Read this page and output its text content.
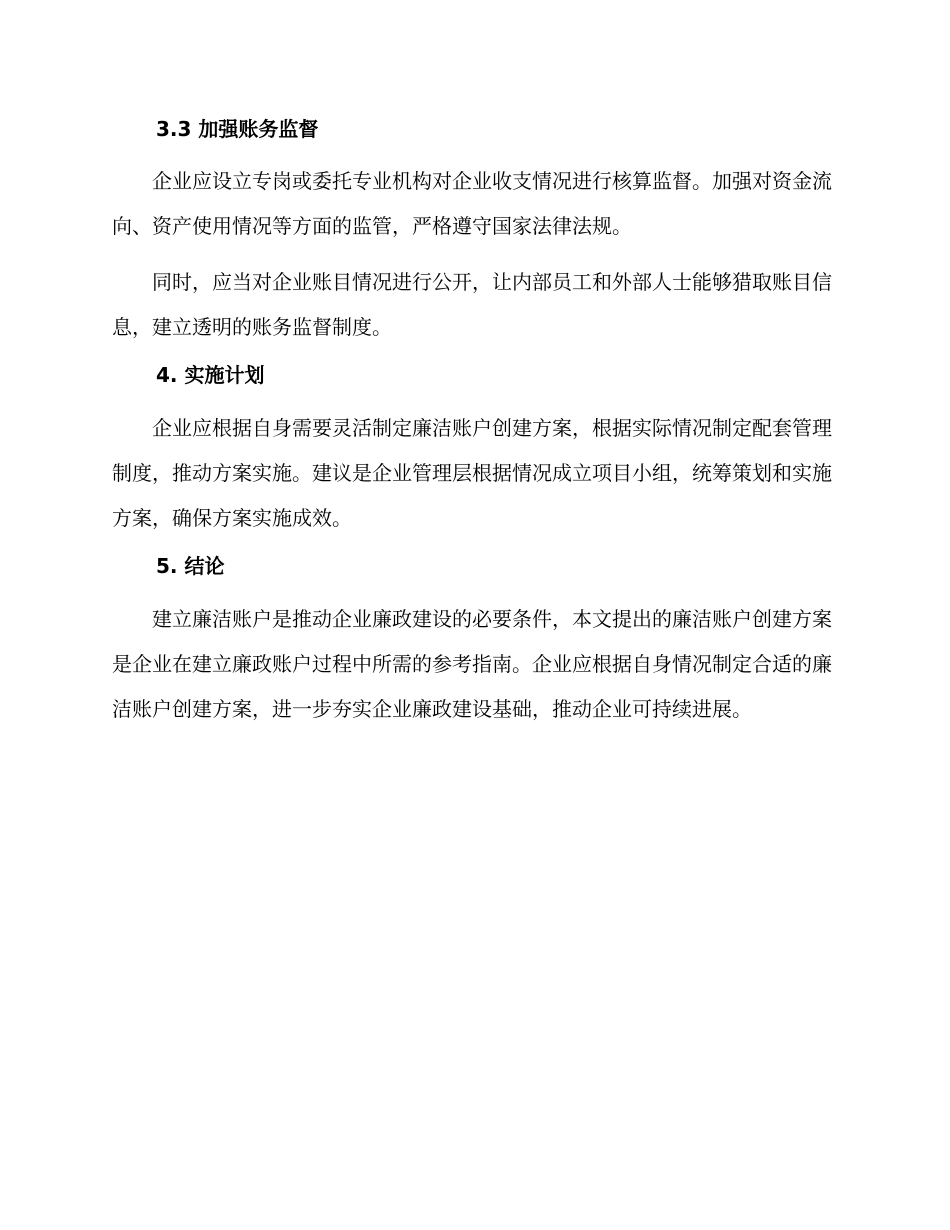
3.3 加强账务监督

企业应设立专岗或委托专业机构对企业收支情况进行核算监督。加强对资金流向、资产使用情况等方面的监管，严格遵守国家法律法规。

同时，应当对企业账目情况进行公开，让内部员工和外部人士能够猎取账目信息，建立透明的账务监督制度。

4. 实施计划

企业应根据自身需要灵活制定廉洁账户创建方案，根据实际情况制定配套管理制度，推动方案实施。建议是企业管理层根据情况成立项目小组，统筹策划和实施方案，确保方案实施成效。

5. 结论

建立廉洁账户是推动企业廉政建设的必要条件，本文提出的廉洁账户创建方案是企业在建立廉政账户过程中所需的参考指南。企业应根据自身情况制定合适的廉洁账户创建方案，进一步夯实企业廉政建设基础，推动企业可持续进展。
